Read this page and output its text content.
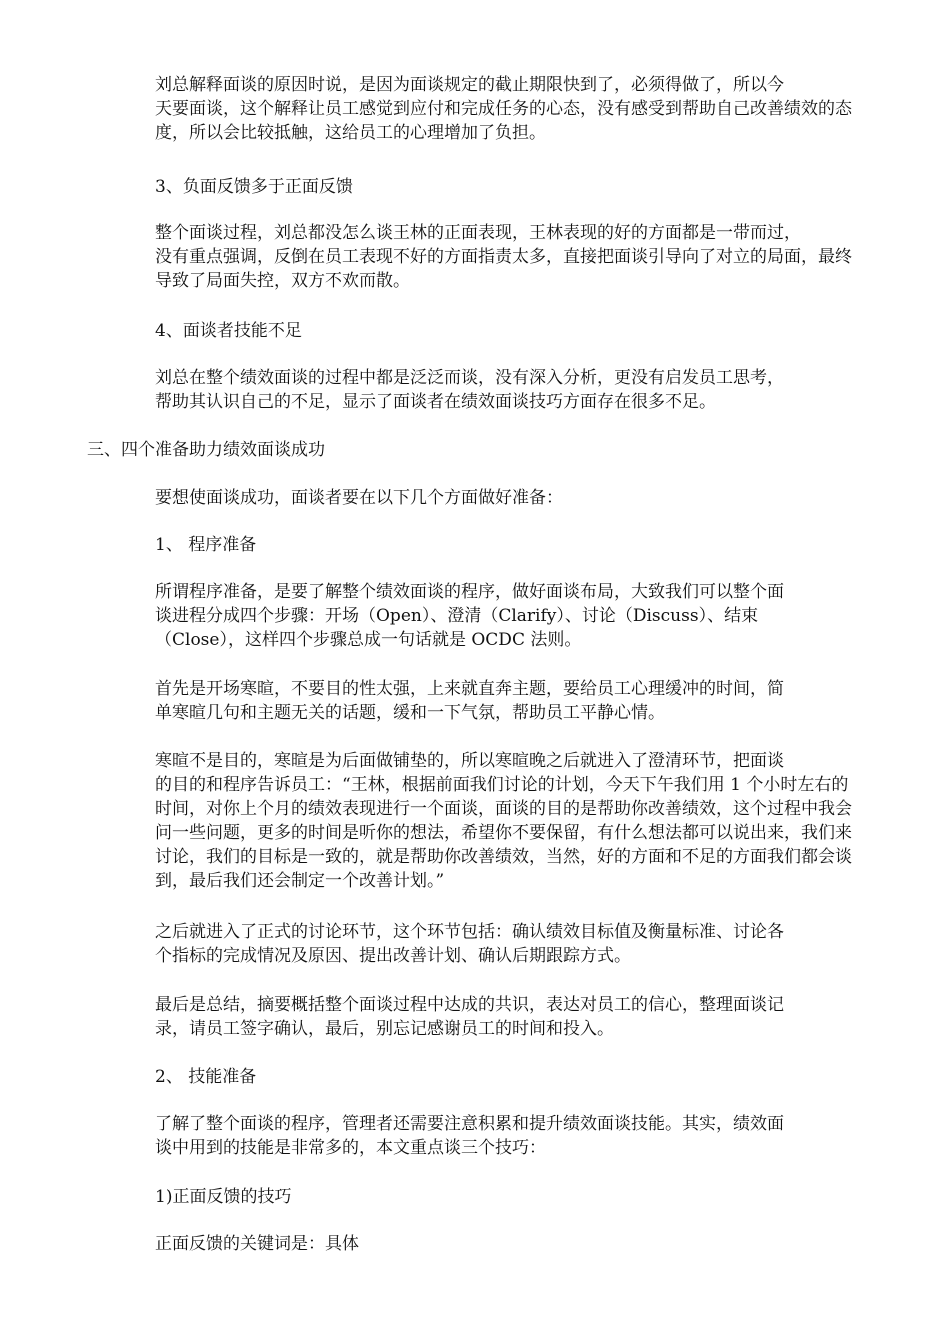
刘总解释面谈的原因时说，是因为面谈规定的截止期限快到了，必须得做了，所以今
天要面谈，这个解释让员工感觉到应付和完成任务的心态，没有感受到帮助自己改善绩效的态
度，所以会比较抵触，这给员工的心理增加了负担。
3、负面反馈多于正面反馈
整个面谈过程，刘总都没怎么谈王林的正面表现，王林表现的好的方面都是一带而过，
没有重点强调，反倒在员工表现不好的方面指责太多，直接把面谈引导向了对立的局面，最终
导致了局面失控，双方不欢而散。
4、面谈者技能不足
刘总在整个绩效面谈的过程中都是泛泛而谈，没有深入分析，更没有启发员工思考，
帮助其认识自己的不足，显示了面谈者在绩效面谈技巧方面存在很多不足。
三、四个准备助力绩效面谈成功
要想使面谈成功，面谈者要在以下几个方面做好准备：
1、 程序准备
所谓程序准备，是要了解整个绩效面谈的程序，做好面谈布局，大致我们可以整个面
谈进程分成四个步骤：开场（Open）、澄清（Clarify）、讨论（Discuss）、结束
（Close），这样四个步骤总成一句话就是 OCDC 法则。
首先是开场寒暄，不要目的性太强，上来就直奔主题，要给员工心理缓冲的时间，简
单寒暄几句和主题无关的话题，缓和一下气氛，帮助员工平静心情。
寒暄不是目的，寒暄是为后面做铺垫的，所以寒暄晚之后就进入了澄清环节，把面谈
的目的和程序告诉员工：“王林，根据前面我们讨论的计划，今天下午我们用 1 个小时左右的
时间，对你上个月的绩效表现进行一个面谈，面谈的目的是帮助你改善绩效，这个过程中我会
问一些问题，更多的时间是听你的想法，希望你不要保留，有什么想法都可以说出来，我们来
讨论，我们的目标是一致的，就是帮助你改善绩效，当然，好的方面和不足的方面我们都会谈
到，最后我们还会制定一个改善计划。”
之后就进入了正式的讨论环节，这个环节包括：确认绩效目标值及衡量标准、讨论各
个指标的完成情况及原因、提出改善计划、确认后期跟踪方式。
最后是总结，摘要概括整个面谈过程中达成的共识，表达对员工的信心，整理面谈记
录，请员工签字确认，最后，别忘记感谢员工的时间和投入。
2、 技能准备
了解了整个面谈的程序，管理者还需要注意积累和提升绩效面谈技能。其实，绩效面
谈中用到的技能是非常多的，本文重点谈三个技巧：
1)正面反馈的技巧
正面反馈的关键词是：具体
